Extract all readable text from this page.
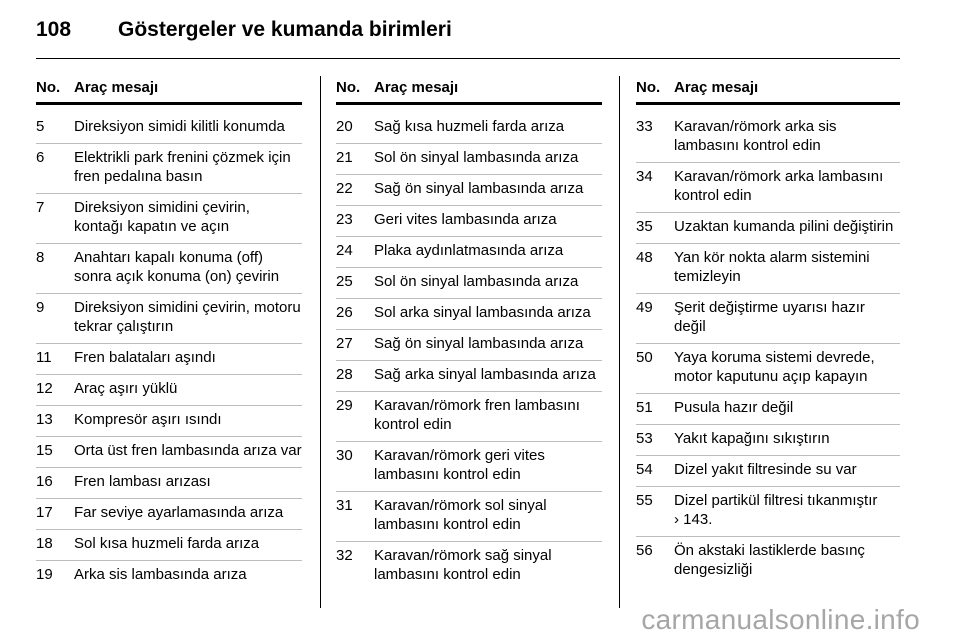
108 Göstergeler ve kumanda birimleri
No. Araç mesajı
5	Direksiyon simidi kilitli konumda
6	Elektrikli park frenini çözmek için fren pedalına basın
7	Direksiyon simidini çevirin, kontağı kapatın ve açın
8	Anahtarı kapalı konuma (off) sonra açık konuma (on) çevirin
9	Direksiyon simidini çevirin, motoru tekrar çalıştırın
11	Fren balataları aşındı
12	Araç aşırı yüklü
13	Kompresör aşırı ısındı
15	Orta üst fren lambasında arıza var
16	Fren lambası arızası
17	Far seviye ayarlamasında arıza
18	Sol kısa huzmeli farda arıza
19	Arka sis lambasında arıza
No. Araç mesajı
20	Sağ kısa huzmeli farda arıza
21	Sol ön sinyal lambasında arıza
22	Sağ ön sinyal lambasında arıza
23	Geri vites lambasında arıza
24	Plaka aydınlatmasında arıza
25	Sol ön sinyal lambasında arıza
26	Sol arka sinyal lambasında arıza
27	Sağ ön sinyal lambasında arıza
28	Sağ arka sinyal lambasında arıza
29	Karavan/römork fren lambasını kontrol edin
30	Karavan/römork geri vites lambasını kontrol edin
31	Karavan/römork sol sinyal lambasını kontrol edin
32	Karavan/römork sağ sinyal lambasını kontrol edin
No. Araç mesajı
33	Karavan/römork arka sis lambasını kontrol edin
34	Karavan/römork arka lambasını kontrol edin
35	Uzaktan kumanda pilini değiştirin
48	Yan kör nokta alarm sistemini temizleyin
49	Şerit değiştirme uyarısı hazır değil
50	Yaya koruma sistemi devrede, motor kaputunu açıp kapayın
51	Pusula hazır değil
53	Yakıt kapağını sıkıştırın
54	Dizel yakıt filtresinde su var
55	Dizel partikül filtresi tıkanmıştır
› 143.
56	Ön akstaki lastiklerde basınç dengesizliği
carmanualsonline.info
